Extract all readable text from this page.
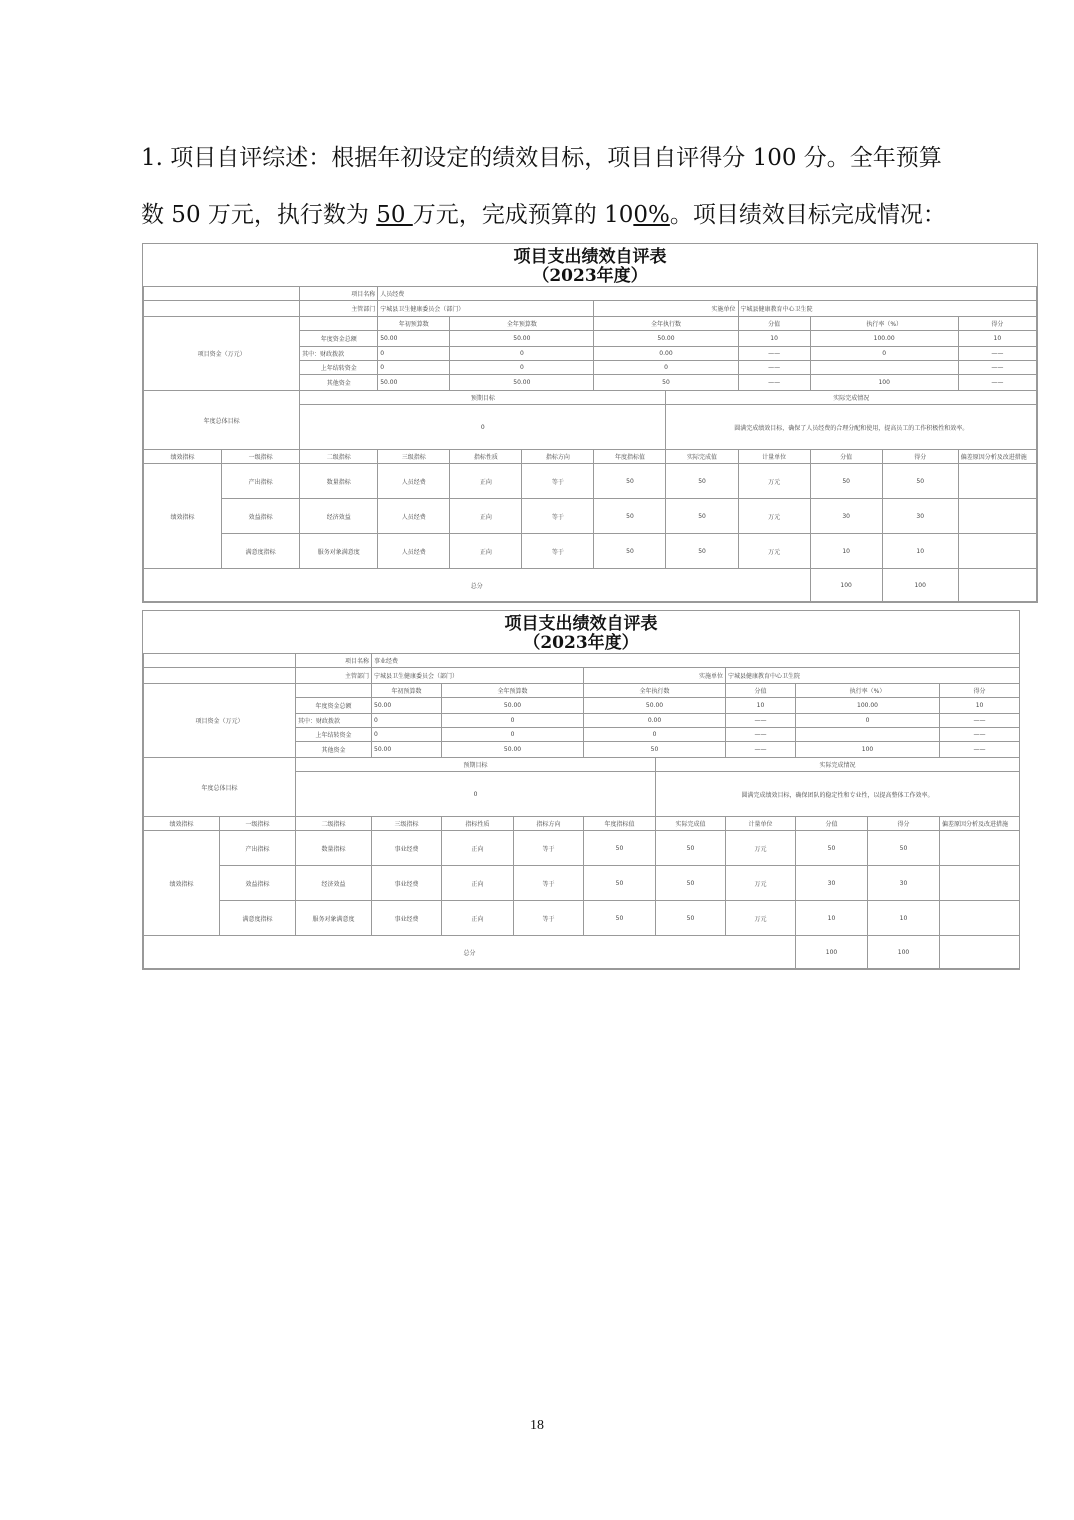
1. 项目自评综述：根据年初设定的绩效目标，项目自评得分 100 分。全年预算
数 50 万元，执行数为 50 万元，完成预算的 100%。项目绩效目标完成情况：
项目支出绩效自评表
（2023年度）
		项目名称	人员经费								
		主管部门	宁城县卫生健康委员会（部门）			实施单位		宁城县健康教育中心卫生院			
项目资金（万元）			年初预算数	全年预算数		全年执行数		分值	执行率（%）		得分
		年度资金总额	50.00	50.00		50.00		10	100.00		10
		其中：财政拨款	0	0		0.00		——	0		——
		上年结转资金	0	0		0		——			——
		其他资金	50.00	50.00		50		——	100		——
年度总体目标		预期目标					实际完成情况				
		0					圆满完成绩效目标，确保了人员经费的合理分配和使用，提高员工的工作积极性和效率。				
绩效指标	一级指标	二级指标	三级指标	指标性质	指标方向	年度指标值	实际完成值	计量单位	分值	得分	偏差原因分析及改进措施
绩效指标	产出指标	数量指标	人员经费	正向	等于	50	50	万元	50	50	
	效益指标	经济效益	人员经费	正向	等于	50	50	万元	30	30	
	满意度指标	服务对象满意度	人员经费	正向	等于	50	50	万元	10	10	
总分									100	100	
项目支出绩效自评表
（2023年度）
		项目名称	事业经费								
		主管部门	宁城县卫生健康委员会（部门）			实施单位		宁城县健康教育中心卫生院			
项目资金（万元）			年初预算数	全年预算数		全年执行数		分值	执行率（%）		得分
		年度资金总额	50.00	50.00		50.00		10	100.00		10
		其中：财政拨款	0	0		0.00		——	0		——
		上年结转资金	0	0		0		——			——
		其他资金	50.00	50.00		50		——	100		——
年度总体目标		预期目标					实际完成情况				
		0					圆满完成绩效目标，确保团队的稳定性和专业性，以提高整体工作效率。				
绩效指标	一级指标	二级指标	三级指标	指标性质	指标方向	年度指标值	实际完成值	计量单位	分值	得分	偏差原因分析及改进措施
绩效指标	产出指标	数量指标	事业经费	正向	等于	50	50	万元	50	50	
	效益指标	经济效益	事业经费	正向	等于	50	50	万元	30	30	
	满意度指标	服务对象满意度	事业经费	正向	等于	50	50	万元	10	10	
总分									100	100	
18
